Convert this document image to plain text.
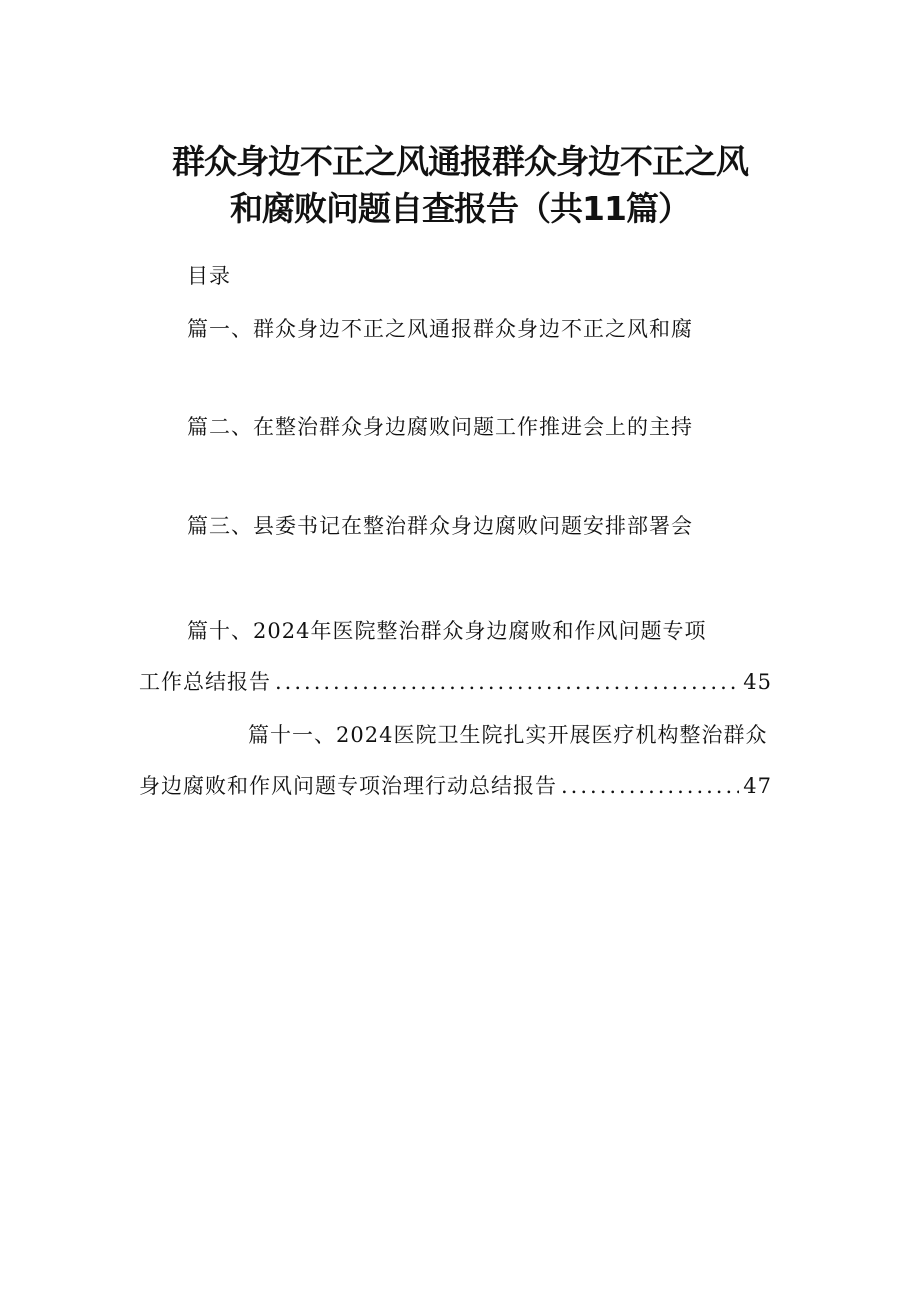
群众身边不正之风通报群众身边不正之风
和腐败问题自查报告（共11篇）
目录
篇一、群众身边不正之风通报群众身边不正之风和腐
篇二、在整治群众身边腐败问题工作推进会上的主持
篇三、县委书记在整治群众身边腐败问题安排部署会
篇十、2024年医院整治群众身边腐败和作风问题专项
工作总结报告 .....	45
篇十一、2024医院卫生院扎实开展医疗机构整治群众
身边腐败和作风问题专项治理行动总结报告 .....	47
